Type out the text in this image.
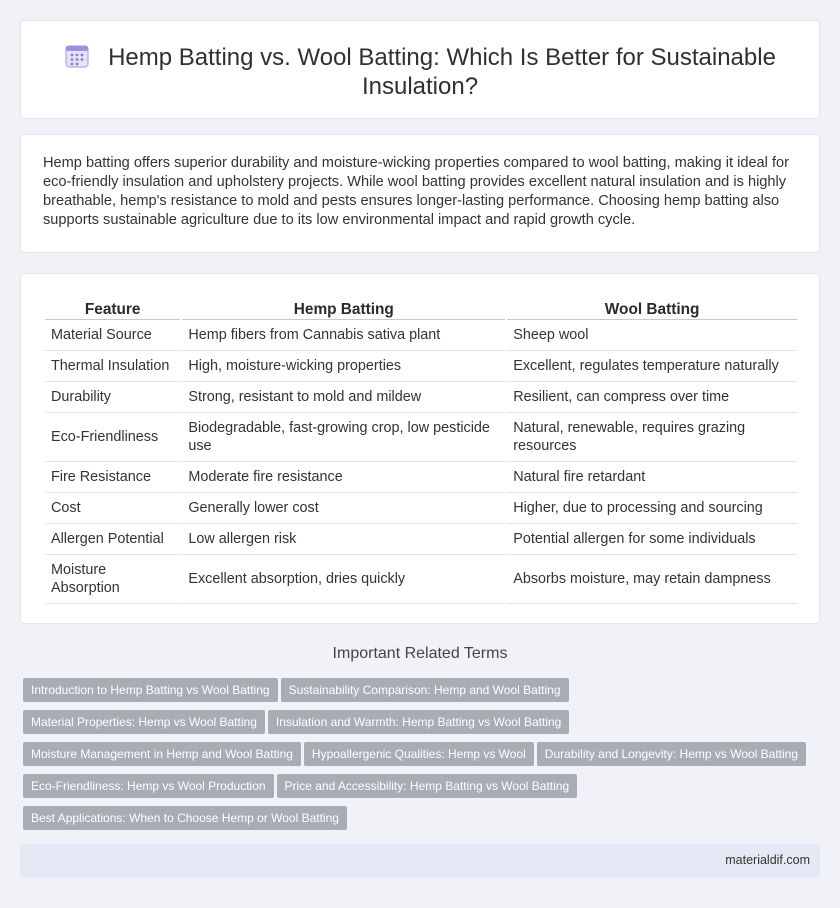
Hemp Batting vs. Wool Batting: Which Is Better for Sustainable Insulation?

Hemp batting offers superior durability and moisture-wicking properties compared to wool batting, making it ideal for eco-friendly insulation and upholstery projects. While wool batting provides excellent natural insulation and is highly breathable, hemp's resistance to mold and pests ensures longer-lasting performance. Choosing hemp batting also supports sustainable agriculture due to its low environmental impact and rapid growth cycle.

Feature	Hemp Batting	Wool Batting
Material Source	Hemp fibers from Cannabis sativa plant	Sheep wool
Thermal Insulation	High, moisture-wicking properties	Excellent, regulates temperature naturally
Durability	Strong, resistant to mold and mildew	Resilient, can compress over time
Eco-Friendliness	Biodegradable, fast-growing crop, low pesticide use	Natural, renewable, requires grazing resources
Fire Resistance	Moderate fire resistance	Natural fire retardant
Cost	Generally lower cost	Higher, due to processing and sourcing
Allergen Potential	Low allergen risk	Potential allergen for some individuals
Moisture Absorption	Excellent absorption, dries quickly	Absorbs moisture, may retain dampness
Important Related Terms
Introduction to Hemp Batting vs Wool Batting Sustainability Comparison: Hemp and Wool Batting
Material Properties: Hemp vs Wool Batting Insulation and Warmth: Hemp Batting vs Wool Batting
Moisture Management in Hemp and Wool Batting Hypoallergenic Qualities: Hemp vs Wool Durability and Longevity: Hemp vs Wool Batting
Eco-Friendliness: Hemp vs Wool Production Price and Accessibility: Hemp Batting vs Wool Batting
Best Applications: When to Choose Hemp or Wool Batting
materialdif.com
